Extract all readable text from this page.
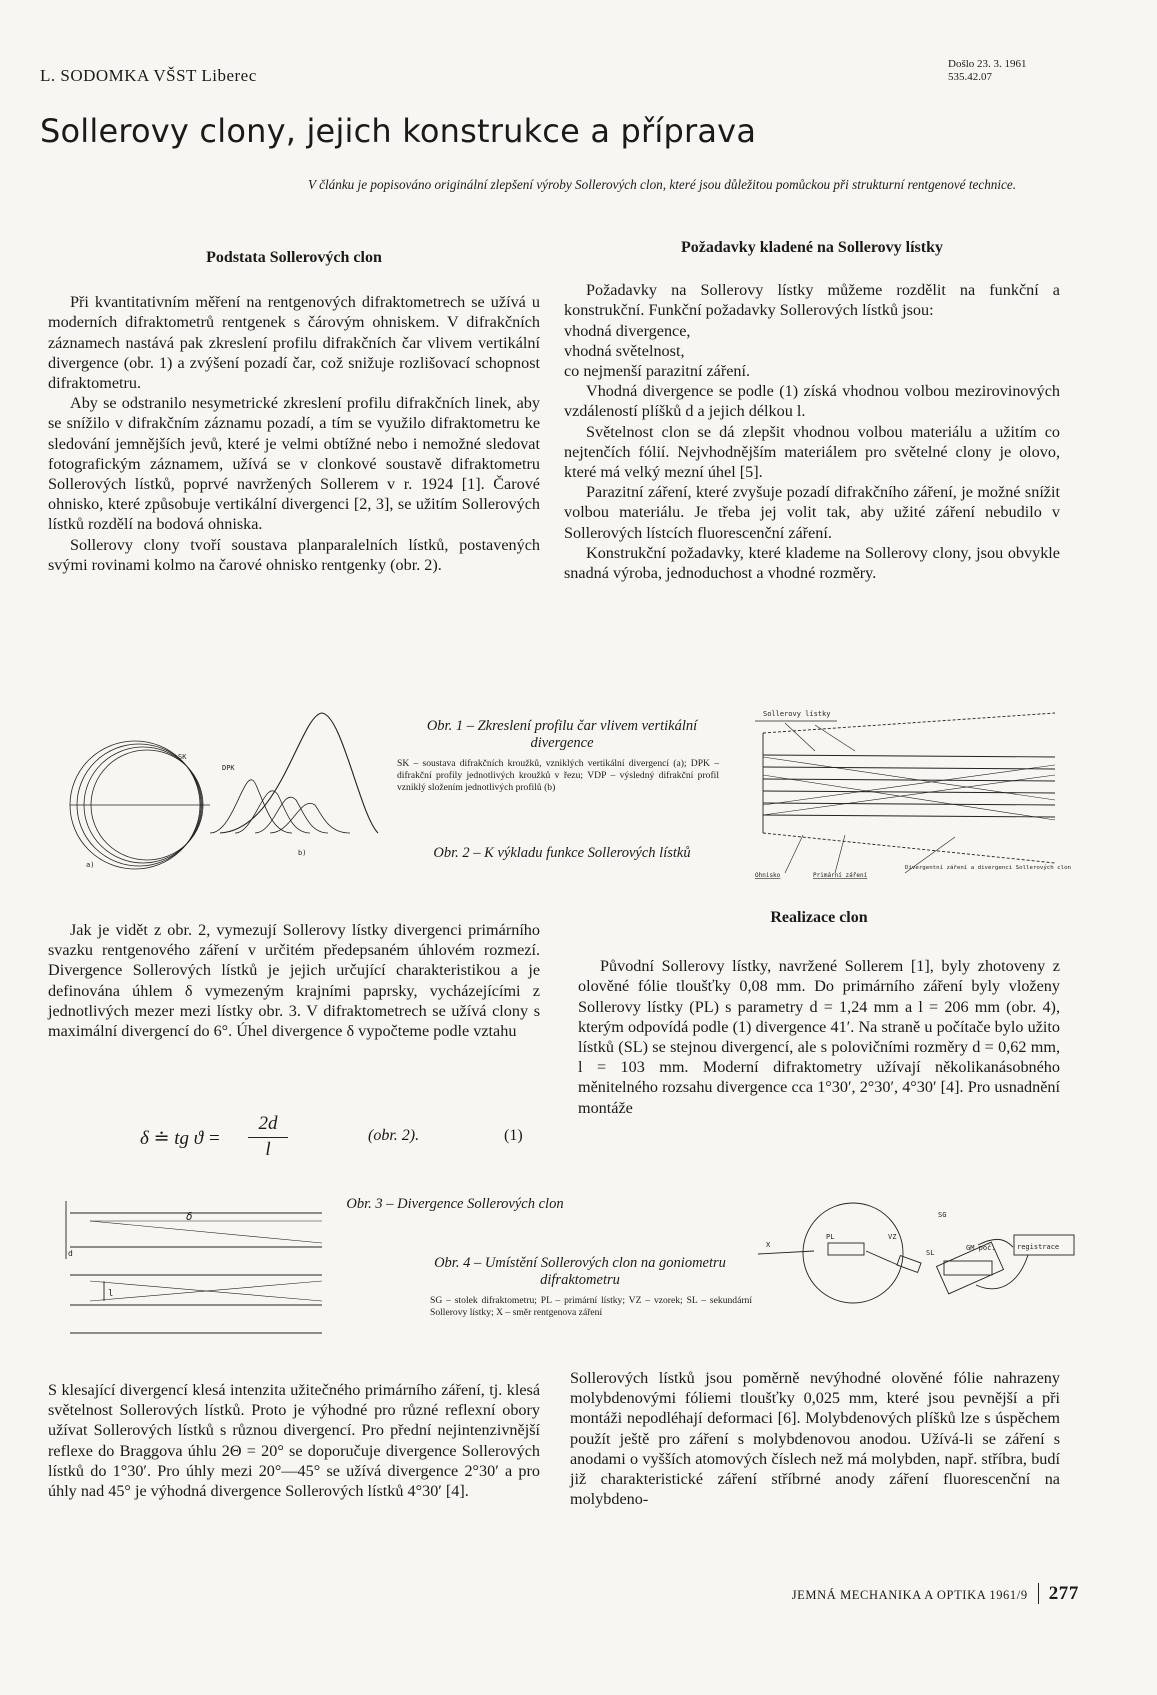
L. SODOMKA VŠST Liberec
Došlo 23. 3. 1961
535.42.07
Sollerovy clony, jejich konstrukce a příprava
V článku je popisováno originální zlepšení výroby Sollerových clon, které jsou důležitou pomůckou při strukturní rentgenové technice.
Podstata Sollerových clon

Při kvantitativním měření na rentgenových difraktometrech se užívá u moderních difraktometrů rentgenek s čárovým ohniskem. V difrakčních záznamech nastává pak zkreslení profilu difrakčních čar vlivem vertikální divergence (obr. 1) a zvýšení pozadí čar, což snižuje rozlišovací schopnost difraktometru.

Aby se odstranilo nesymetrické zkreslení profilu difrakčních linek, aby se snížilo v difrakčním záznamu pozadí, a tím se využilo difraktometru ke sledování jemnějších jevů, které je velmi obtížné nebo i nemožné sledovat fotografickým záznamem, užívá se v clonkové soustavě difraktometru Sollerových lístků, poprvé navržených Sollerem v r. 1924 [1]. Čarové ohnisko, které způsobuje vertikální divergenci [2, 3], se užitím Sollerových lístků rozdělí na bodová ohniska.

Sollerovy clony tvoří soustava planparalelních lístků, postavených svými rovinami kolmo na čarové ohnisko rentgenky (obr. 2).

Požadavky kladené na Sollerovy lístky

Požadavky na Sollerovy lístky můžeme rozdělit na funkční a konstrukční. Funkční požadavky Sollerových lístků jsou:

vhodná divergence,
vhodná světelnost,
co nejmenší parazitní záření.

Vhodná divergence se podle (1) získá vhodnou volbou mezirovinových vzdáleností plíšků d a jejich délkou l.

Světelnost clon se dá zlepšit vhodnou volbou materiálu a užitím co nejtenčích fólií. Nejvhodnějším materiálem pro světelné clony je olovo, které má velký mezní úhel [5].

Parazitní záření, které zvyšuje pozadí difrakčního záření, je možné snížit volbou materiálu. Je třeba jej volit tak, aby užité záření nebudilo v Sollerových lístcích fluorescenční záření.

Konstrukční požadavky, které klademe na Sollerovy clony, jsou obvykle snadná výroba, jednoduchost a vhodné rozměry.

SK
DPK
a)
b)
Obr. 1 – Zkreslení profilu čar vlivem vertikální divergence
SK – soustava difrakčních kroužků, vzniklých vertikální divergencí (a); DPK – difrakční profily jednotlivých kroužků v řezu; VDP – výsledný difrakční profil vzniklý složením jednotlivých profilů (b)
Obr. 2 – K výkladu funkce Sollerových lístků
Sollerovy lístky
Ohnisko	Primární záření
Divergentní záření a divergenci Sollerových clon

Jak je vidět z obr. 2, vymezují Sollerovy lístky divergenci primárního svazku rentgenového záření v určitém předepsaném úhlovém rozmezí. Divergence Sollerových lístků je jejich určující charakteristikou a je definována úhlem δ vymezeným krajními paprsky, vycházejícími z jednotlivých mezer mezi lístky obr. 3. V difraktometrech se užívá clony s maximální divergencí do 6°. Úhel divergence δ vypočteme podle vztahu

δ ≐ tg ϑ =
2d
l
(obr. 2).	(1)
Realizace clon

Původní Sollerovy lístky, navržené Sollerem [1], byly zhotoveny z olověné fólie tloušťky 0,08 mm. Do primárního záření byly vloženy Sollerovy lístky (PL) s parametry d = 1,24 mm a l = 206 mm (obr. 4), kterým odpovídá podle (1) divergence 41′. Na straně u počítače bylo užito lístků (SL) se stejnou divergencí, ale s polovičními rozměry d = 0,62 mm, l = 103 mm. Moderní difraktometry užívají několikanásobného měnitelného rozsahu divergence cca 1°30′, 2°30′, 4°30′ [4]. Pro usnadnění montáže

δ
d
l
Obr. 3 – Divergence Sollerových clon
Obr. 4 – Umístění Sollerových clon na goniometru difraktometru
SG – stolek difraktometru; PL – primární lístky; VZ – vzorek; SL – sekundární Sollerovy lístky; X – směr rentgenova záření
X
PL	VZ
SL
SG
GM poč.	registrace

S klesající divergencí klesá intenzita užitečného primárního záření, tj. klesá světelnost Sollerových lístků. Proto je výhodné pro různé reflexní obory užívat Sollerových lístků s různou divergencí. Pro přední nejintenzivnější reflexe do Braggova úhlu 2Θ = 20° se doporučuje divergence Sollerových lístků do 1°30′. Pro úhly mezi 20°—45° se užívá divergence 2°30′ a pro úhly nad 45° je výhodná divergence Sollerových lístků 4°30′ [4].

Sollerových lístků jsou poměrně nevýhodné olověné fólie nahrazeny molybdenovými fóliemi tloušťky 0,025 mm, které jsou pevnější a při montáži nepodléhají deformaci [6]. Molybdenových plíšků lze s úspěchem použít ještě pro záření s molybdenovou anodou. Užívá-li se záření s anodami o vyšších atomových číslech než má molybden, např. stříbra, budí již charakteristické záření stříbrné anody záření fluorescenční na molybdeno-

JEMNÁ MECHANIKA A OPTIKA 1961/9 277
